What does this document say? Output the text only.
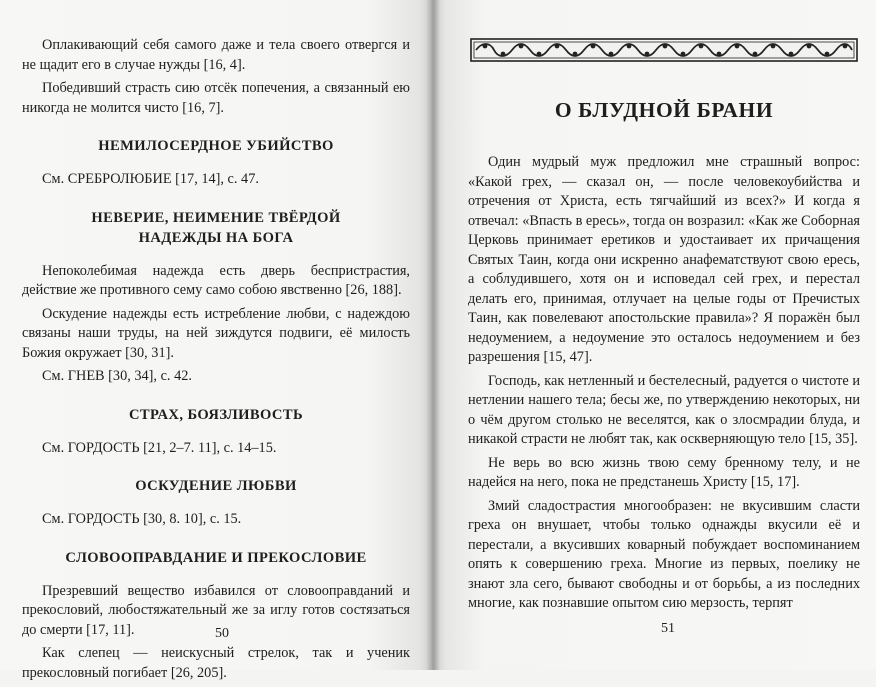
Оплакивающий себя самого даже и тела своего отвергся и не щадит его в случае нужды [16, 4].

Победивший страсть сию отсёк попечения, а связанный ею никогда не молится чисто [16, 7].

НЕМИЛОСЕРДНОЕ УБИЙСТВО

См. СРЕБРОЛЮБИЕ [17, 14], с. 47.

НЕВЕРИЕ, НЕИМЕНИЕ ТВЁРДОЙ НАДЕЖДЫ НА БОГА

Непоколебимая надежда есть дверь беспристрастия, действие же противного сему само собою явственно [26, 188].

Оскудение надежды есть истребление любви, с надеждою связаны наши труды, на ней зиждутся подвиги, её милость Божия окружает [30, 31].

См. ГНЕВ [30, 34], с. 42.

СТРАХ, БОЯЗЛИВОСТЬ

См. ГОРДОСТЬ [21, 2–7. 11], с. 14–15.

ОСКУДЕНИЕ ЛЮБВИ

См. ГОРДОСТЬ [30, 8. 10], с. 15.

СЛОВООПРАВДАНИЕ И ПРЕКОСЛОВИЕ

Презревший вещество избавился от словооправданий и прекословий, любостяжательный же за иглу готов состязаться до смерти [17, 11].

Как слепец — неискусный стрелок, так и ученик прекословный погибает [26, 205].

50
О БЛУДНОЙ БРАНИ

Один мудрый муж предложил мне страшный вопрос: «Какой грех, — сказал он, — после человекоубийства и отречения от Христа, есть тягчайший из всех?» И когда я отвечал: «Впасть в ересь», тогда он возразил: «Как же Соборная Церковь принимает еретиков и удостаивает их причащения Святых Таин, когда они искренно анафематствуют свою ересь, а соблудившего, хотя он и исповедал сей грех, и перестал делать его, принимая, отлучает на целые годы от Пречистых Таин, как повелевают апостольские правила»? Я поражён был недоумением, а недоумение это осталось недоумением и без разрешения [15, 47].

Господь, как нетленный и бестелесный, радуется о чистоте и нетлении нашего тела; бесы же, по утверждению некоторых, ни о чём другом столько не веселятся, как о злосмрадии блуда, и никакой страсти не любят так, как оскверняющую тело [15, 35].

Не верь во всю жизнь твою сему бренному телу, и не надейся на него, пока не предстанешь Христу [15, 17].

Змий сладострастия многообразен: не вкусившим сласти греха он внушает, чтобы только однажды вкусили её и перестали, а вкусивших коварный побуждает воспоминанием опять к совершению греха. Многие из первых, поелику не знают зла сего, бывают свободны и от борьбы, а из последних многие, как познавшие опытом сию мерзость, терпят

51
